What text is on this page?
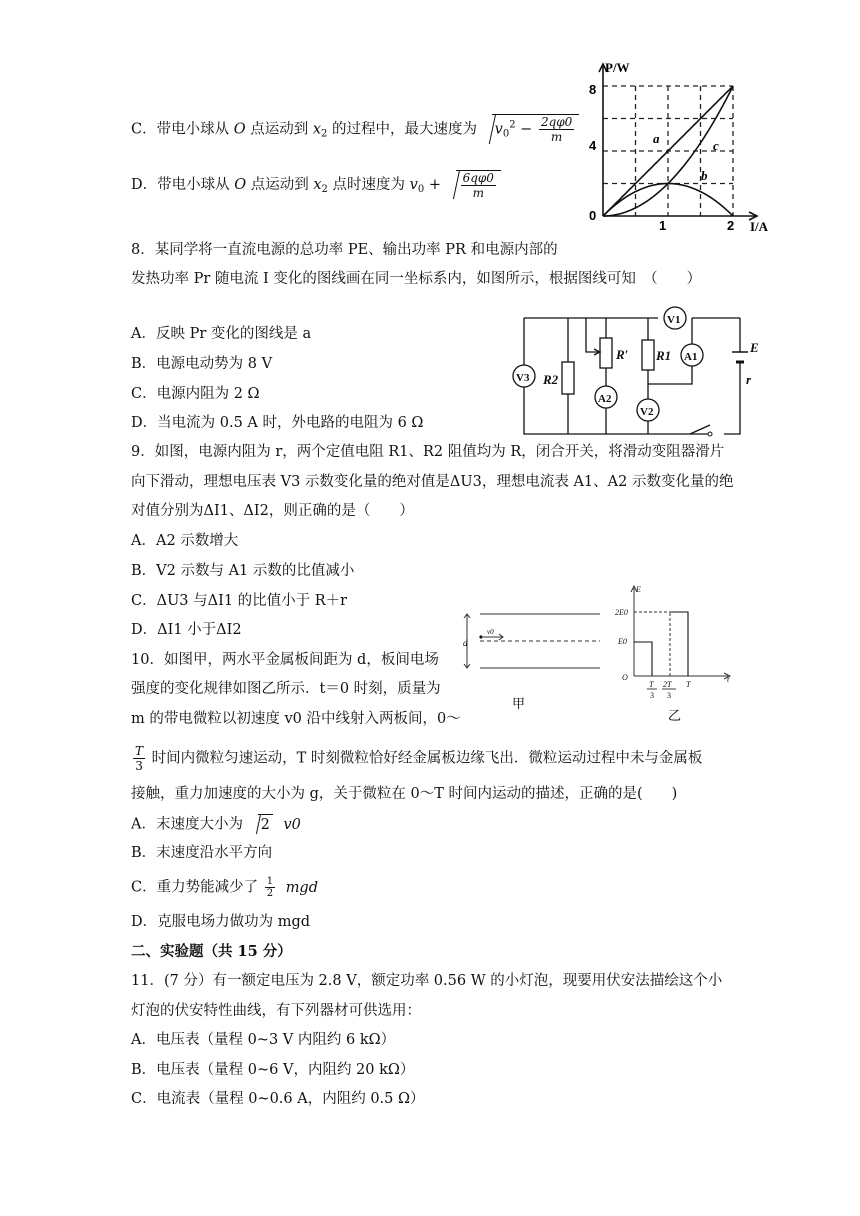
C．带电小球从 O 点运动到 $x_2$ 的过程中，最大速度为 $v_0^2 - \frac{2q\varphi 0}{m}$
D．带电小球从 O 点运动到 $x_2$ 点时速度为 $v_0 + \frac{6q\varphi 0}{m}$
P/W
I/A
8
4
0
1	2
a
b
c
8．某同学将一直流电源的总功率 PE、输出功率 PR 和电源内部的
发热功率 Pr 随电流 I 变化的图线画在同一坐标系内，如图所示，根据图线可知　（　　）
A．反映 Pr 变化的图线是 a
B．电源电动势为 8 V
C．电源内阻为 2 Ω
D．当电流为 0.5 A 时，外电路的电阻为 6 Ω
V3 R2
R′
V1
R1 A1
A2
V2
E
r
9．如图，电源内阻为 r，两个定值电阻 R1、R2 阻值均为 R，闭合开关，将滑动变阻器滑片
向下滑动，理想电压表 V3 示数变化量的绝对值是ΔU3，理想电流表 A1、A2 示数变化量的绝
对值分别为ΔI1、ΔI2，则正确的是（　　）
A．A2 示数增大
B．V2 示数与 A1 示数的比值减小
C．ΔU3 与ΔI1 的比值小于 R＋r
D．ΔI1 小于ΔI2
10．如图甲，两水平金属板间距为 d，板间电场
强度的变化规律如图乙所示．t＝0 时刻，质量为
m 的带电微粒以初速度 v0 沿中线射入两板间，0～
$\frac{T}{3}$ 时间内微粒匀速运动，T 时刻微粒恰好经金属板边缘飞出．微粒运动过程中未与金属板
接触，重力加速度的大小为 g，关于微粒在 0～T 时间内运动的描述，正确的是(　　)
A．末速度大小为 2 v0
B．末速度沿水平方向
C．重力势能减少了 $\frac{1}{2}$ mgd
D．克服电场力做功为 mgd
d
v0
甲
E
2E0
E0
O	t
T
3
2T
3
T
乙
二、实验题（共 15 分）
11．(7 分）有一额定电压为 2.8 V，额定功率 0.56 W 的小灯泡，现要用伏安法描绘这个小
灯泡的伏安特性曲线，有下列器材可供选用：
A．电压表（量程 0~3 V 内阻约 6 kΩ）
B．电压表（量程 0~6 V，内阻约 20 kΩ）
C．电流表（量程 0~0.6 A，内阻约 0.5 Ω）
